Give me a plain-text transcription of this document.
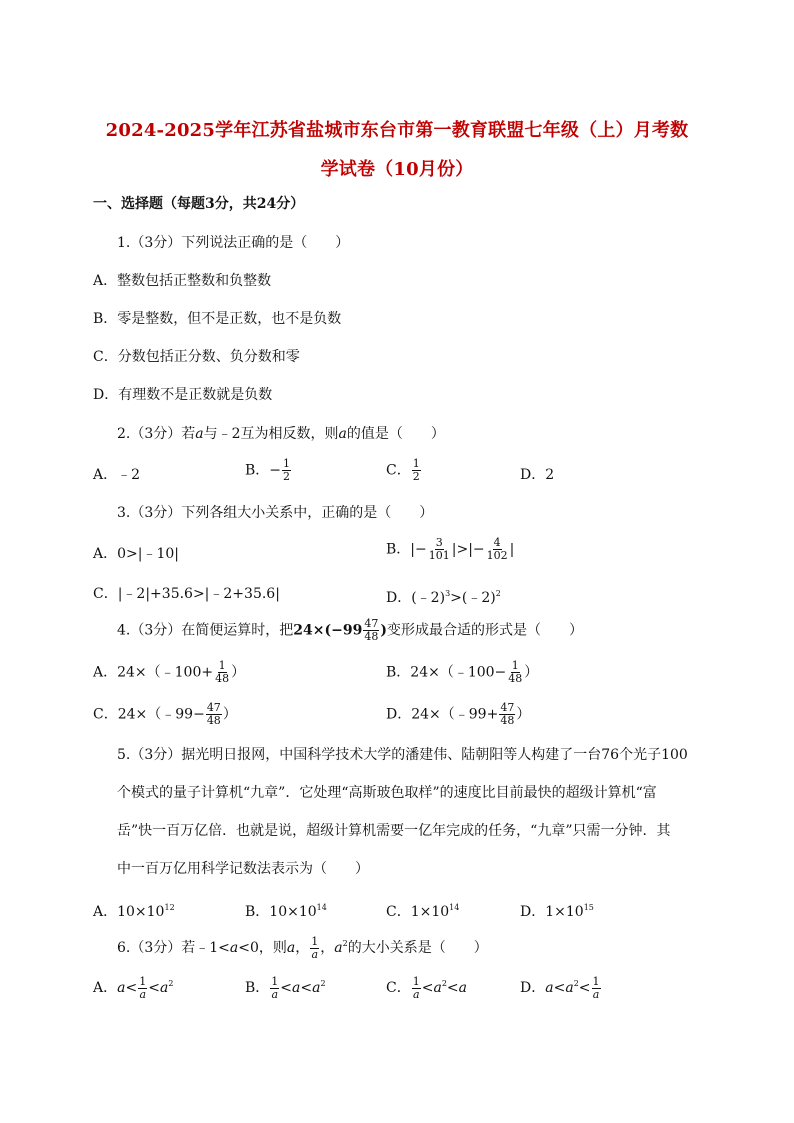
2024-2025学年江苏省盐城市东台市第一教育联盟七年级（上）月考数
学试卷（10月份）
一、选择题（每题3分，共24分）
1.（3分）下列说法正确的是（　　）
A．整数包括正整数和负整数
B．零是整数，但不是正数，也不是负数
C．分数包括正分数、负分数和零
D．有理数不是正数就是负数
2.（3分）若a与﹣2互为相反数，则a的值是（　　）
A．﹣2	B．− $\frac{1}{2}$	C． $\frac{1}{2}$	D．2
3.（3分）下列各组大小关系中，正确的是（　　）
A．0>|﹣10|	B．|− $\frac{3}{101}$ |>|− $\frac{4}{102}$ |
C．|﹣2|+35.6>|﹣2+35.6|	D．(﹣2)$^3$>(﹣2)$^2$
4.（3分）在简便运算时，把$24\times(-99 \frac{47}{48}$ )变形成最合适的形式是（　　）
A．24×（﹣100+ $\frac{1}{48}$ ）	B．24×（﹣100− $\frac{1}{48}$ ）
C．24×（﹣99− $\frac{47}{48}$ ）	D．24×（﹣99+ $\frac{47}{48}$ ）
5.（3分）据光明日报网，中国科学技术大学的潘建伟、陆朝阳等人构建了一台76个光子100
个模式的量子计算机“九章”．它处理“高斯玻色取样”的速度比目前最快的超级计算机“富
岳”快一百万亿倍．也就是说，超级计算机需要一亿年完成的任务，“九章”只需一分钟．其
中一百万亿用科学记数法表示为（　　）
A．$10\times 10^{12}$	B．$10\times 10^{14}$	C．$1\times 10^{14}$	D．$1\times 10^{15}$
6.（3分）若﹣1<a<0，则a， $\frac{1}{a}$ ，$a^2$的大小关系是（　　）
A．$a< \frac{1}{a} <a^2$	B． $\frac{1}{a} <a<a^2$	C． $\frac{1}{a} <a^2<a$	D．$a<a^2< \frac{1}{a}$
